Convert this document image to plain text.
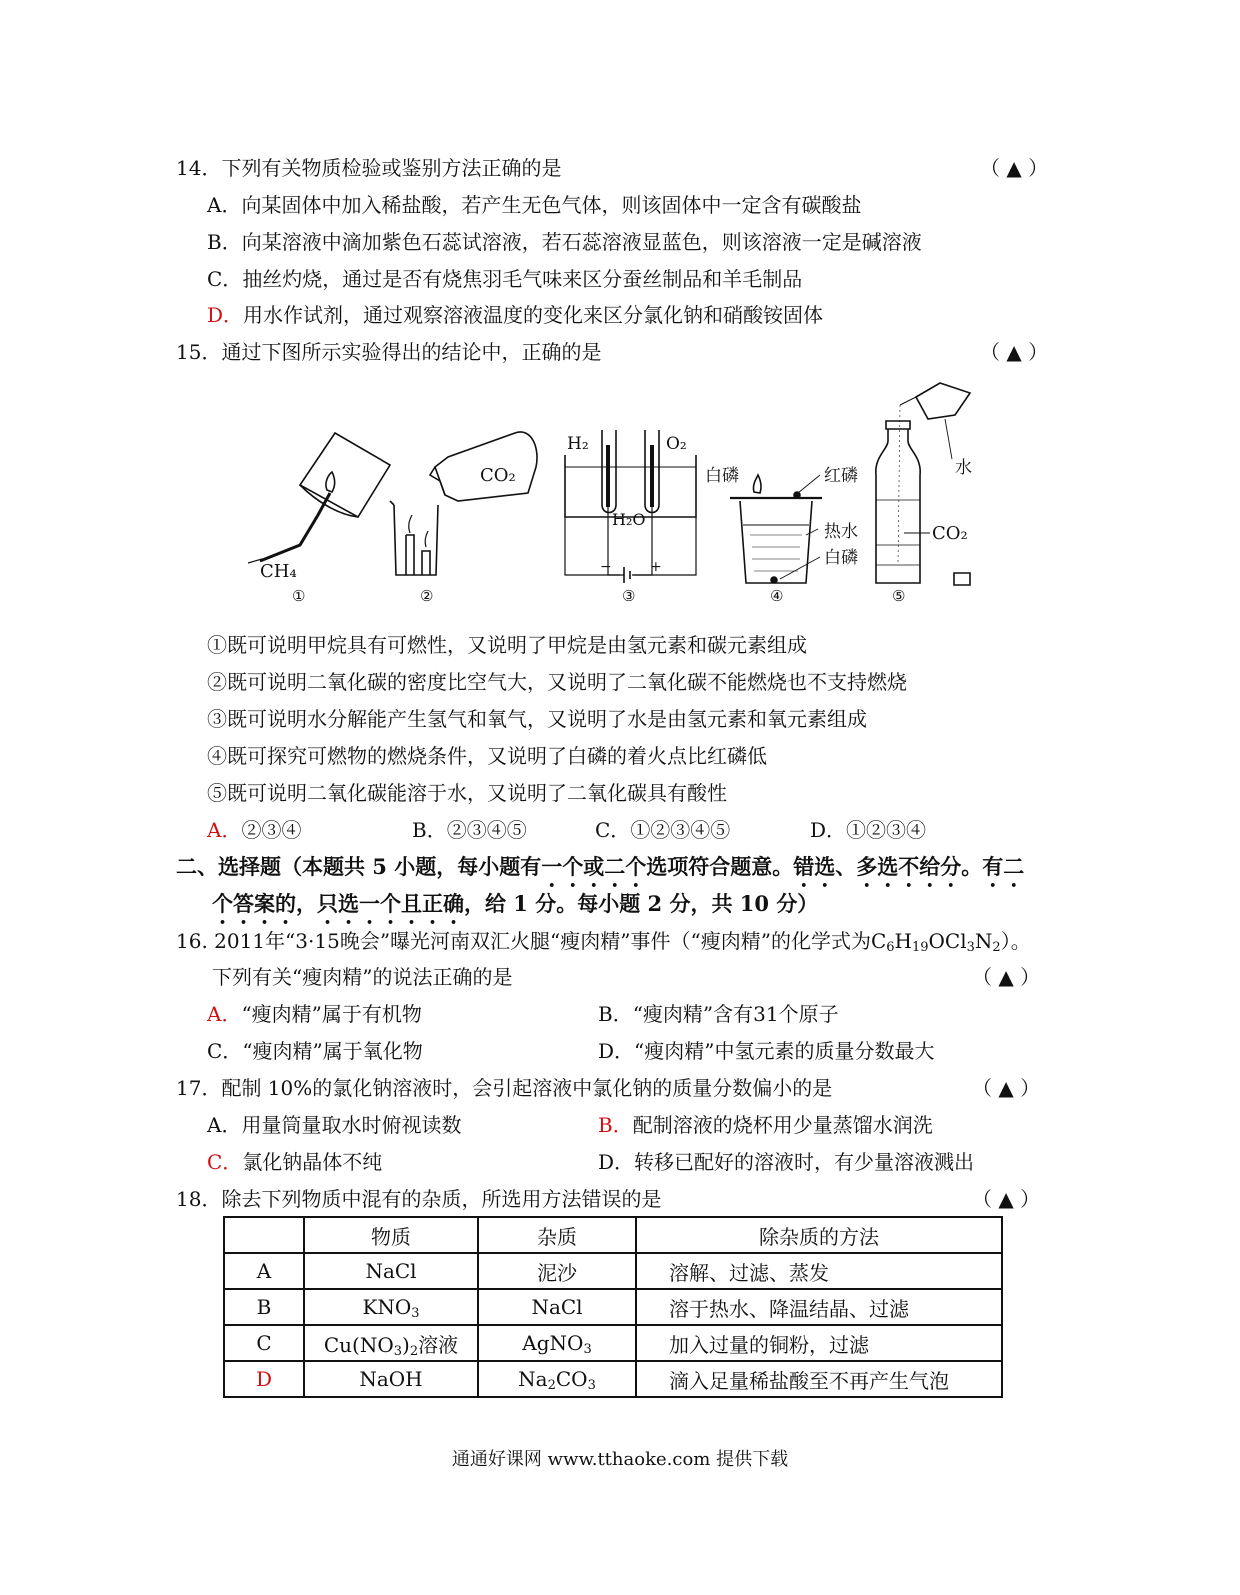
14．下列有关物质检验或鉴别方法正确的是	（ ▲ ）
A．向某固体中加入稀盐酸，若产生无色气体，则该固体中一定含有碳酸盐
B．向某溶液中滴加紫色石蕊试溶液，若石蕊溶液显蓝色，则该溶液一定是碱溶液
C．抽丝灼烧，通过是否有烧焦羽毛气味来区分蚕丝制品和羊毛制品
D．用水作试剂，通过观察溶液温度的变化来区分氯化钠和硝酸铵固体
15．通过下图所示实验得出的结论中，正确的是	（ ▲ ）
CH₄
①
CO₂
②
H₂	O₂
H₂O
−	+
③
白磷	红磷
热水
白磷
④
水
CO₂
⑤
①既可说明甲烷具有可燃性，又说明了甲烷是由氢元素和碳元素组成
②既可说明二氧化碳的密度比空气大，又说明了二氧化碳不能燃烧也不支持燃烧
③既可说明水分解能产生氢气和氧气，又说明了水是由氢元素和氧元素组成
④既可探究可燃物的燃烧条件，又说明了白磷的着火点比红磷低
⑤既可说明二氧化碳能溶于水，又说明了二氧化碳具有酸性
A．②③④	B．②③④⑤	C．①②③④⑤	D．①②③④
二、选择题（本题共 5 小题，每小题有一个或二个选项符合题意。错选、多选不给分。有二
个答案的，只选一个且正确，给 1 分。每小题 2 分，共 10 分）
16. 2011年“3·15晚会”曝光河南双汇火腿“瘦肉精”事件（“瘦肉精”的化学式为$C_6H_{19}OCl_3N_2$）。
下列有关“瘦肉精”的说法正确的是	（ ▲ ）
A．“瘦肉精”属于有机物	B．“瘦肉精”含有31个原子
C．“瘦肉精”属于氧化物	D．“瘦肉精”中氢元素的质量分数最大
17．配制 10%的氯化钠溶液时，会引起溶液中氯化钠的质量分数偏小的是	（ ▲ ）
A．用量筒量取水时俯视读数	B．配制溶液的烧杯用少量蒸馏水润洗
C．氯化钠晶体不纯	D．转移已配好的溶液时，有少量溶液溅出
18．除去下列物质中混有的杂质，所选用方法错误的是	（ ▲ ）
	物质	杂质	除杂质的方法
A	NaCl	泥沙	溶解、过滤、蒸发
B	$KNO_3$	NaCl	溶于热水、降温结晶、过滤
C	$Cu(NO_3)_2$溶液	AgNO$_3$	加入过量的铜粉，过滤
D	NaOH	$Na_2CO_3$	滴入足量稀盐酸至不再产生气泡
通通好课网 www.tthaoke.com 提供下载
